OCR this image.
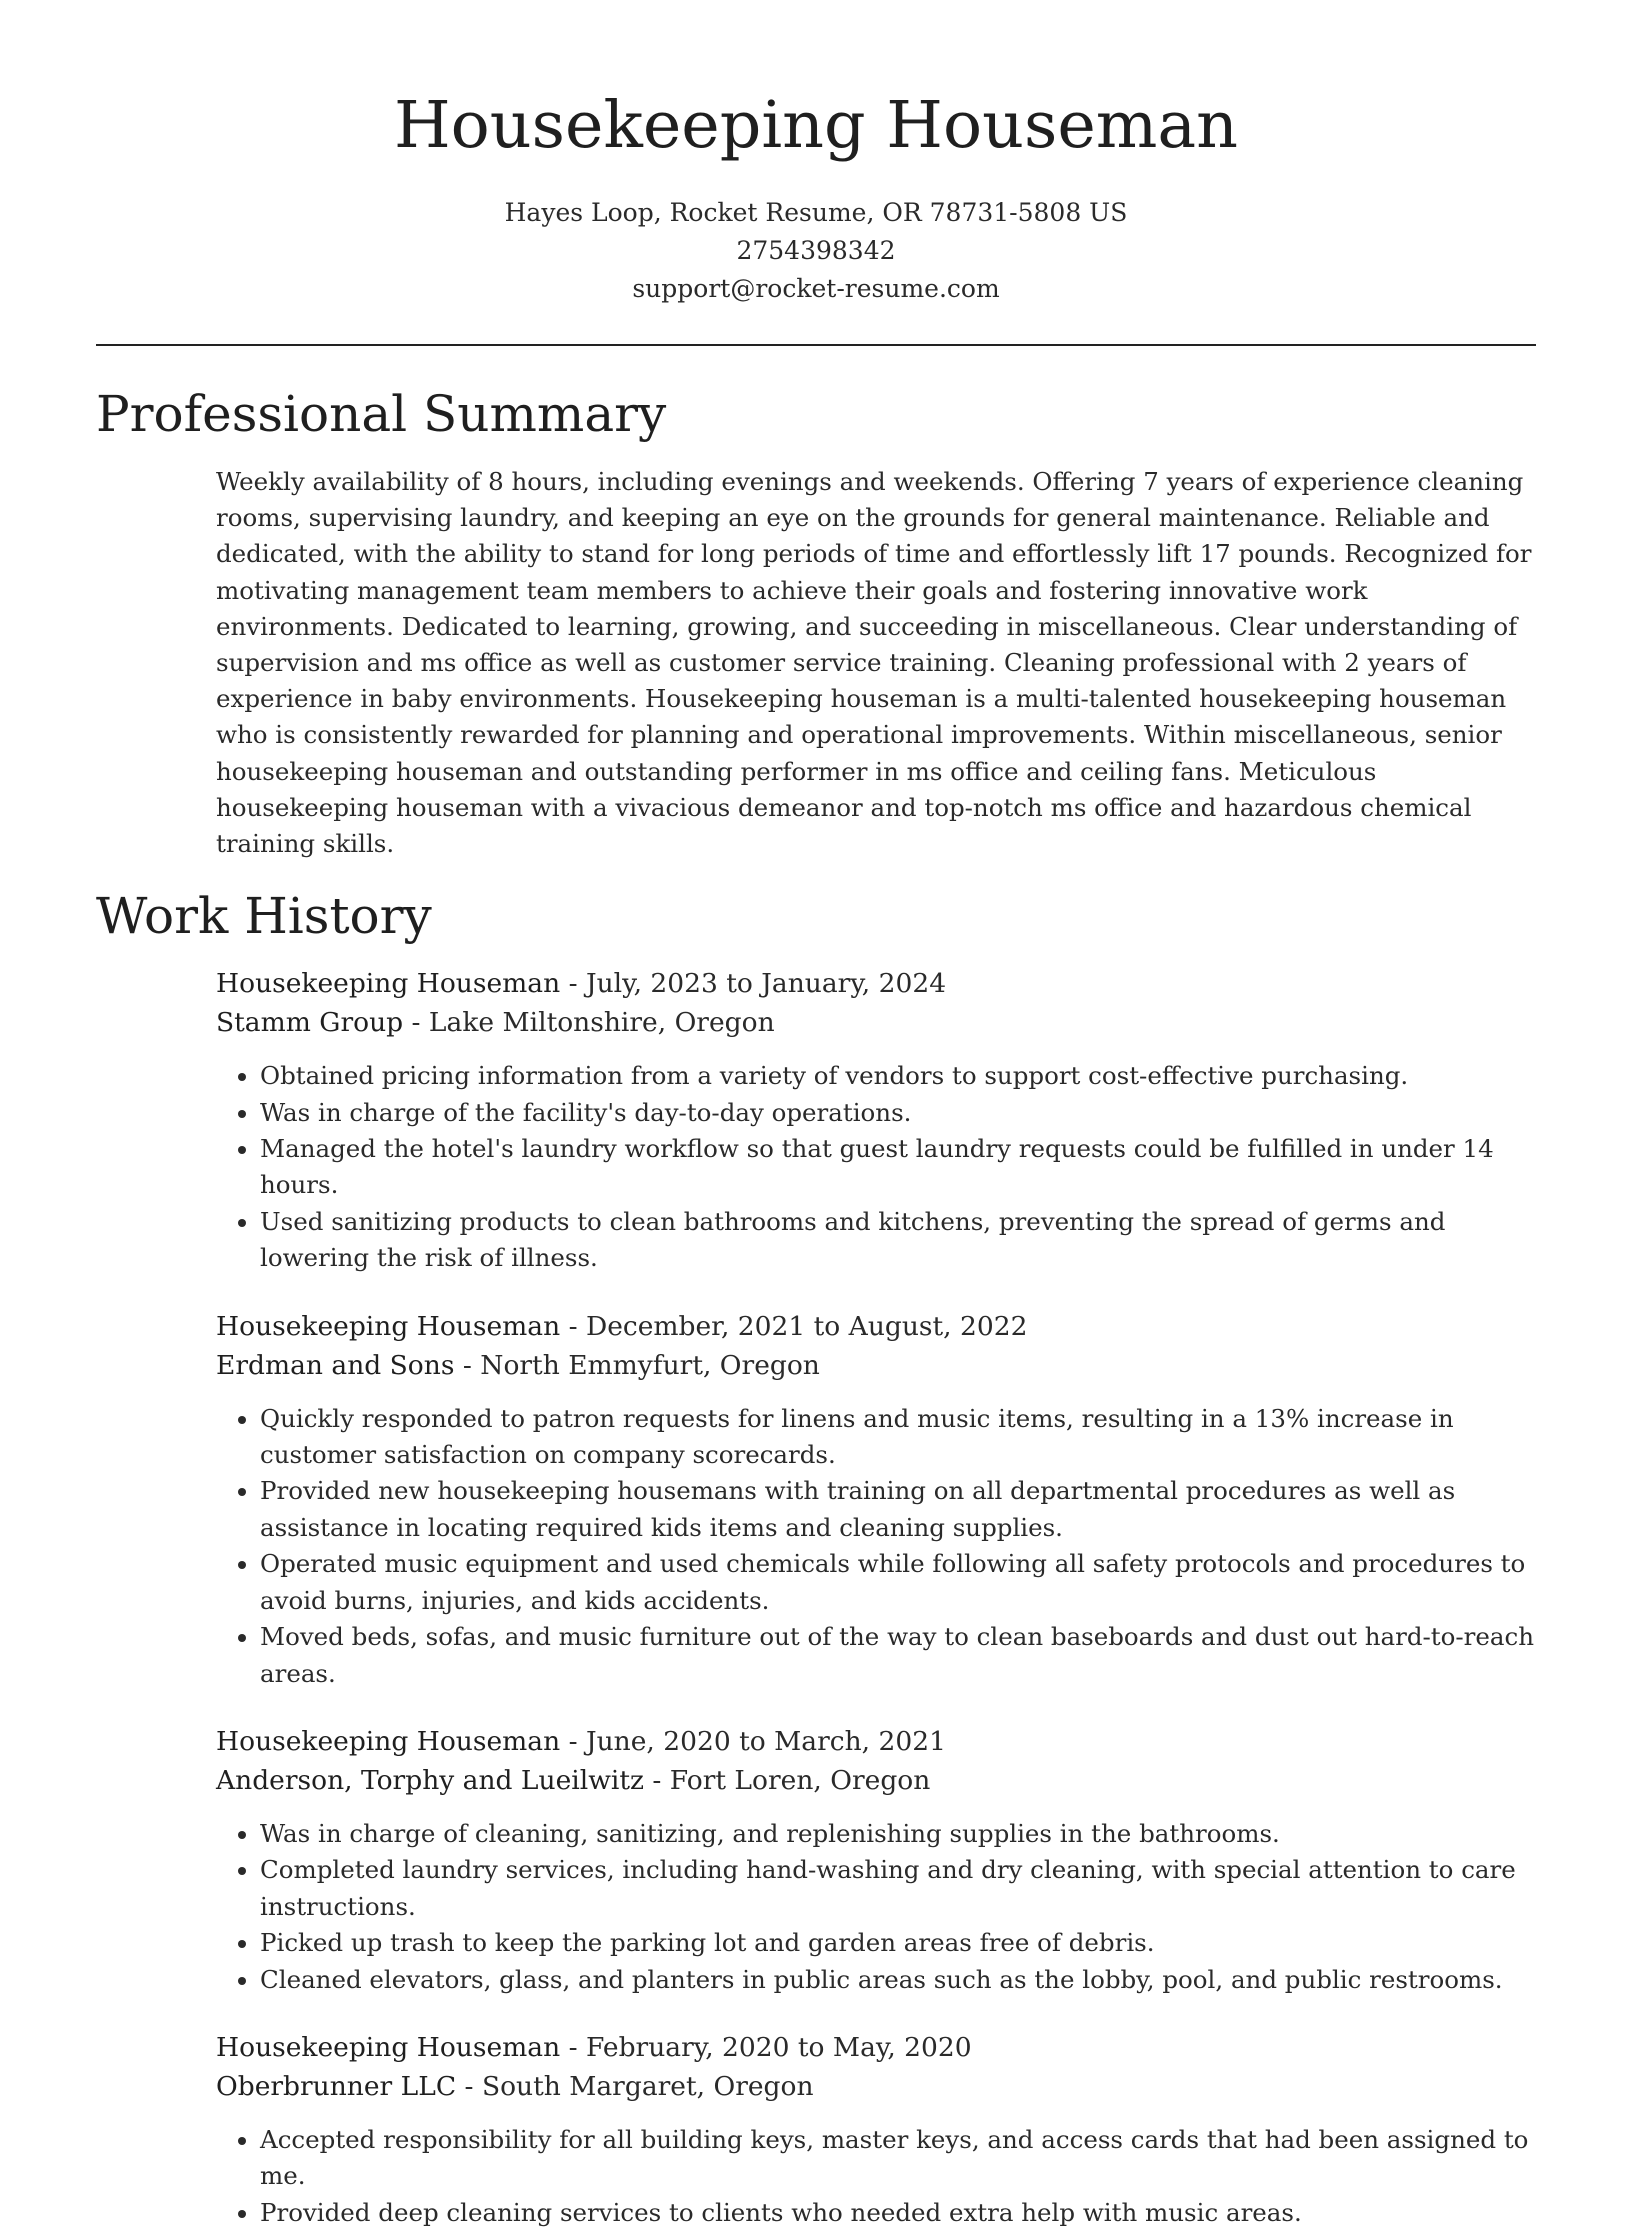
Housekeeping Houseman
Hayes Loop, Rocket Resume, OR 78731-5808 US
2754398342
support@rocket-resume.com
Professional Summary

Weekly availability of 8 hours, including evenings and weekends. Offering 7 years of experience cleaning rooms, supervising laundry, and keeping an eye on the grounds for general maintenance. Reliable and dedicated, with the ability to stand for long periods of time and effortlessly lift 17 pounds. Recognized for motivating management team members to achieve their goals and fostering innovative work environments. Dedicated to learning, growing, and succeeding in miscellaneous. Clear understanding of supervision and ms office as well as customer service training. Cleaning professional with 2 years of experience in baby environments. Housekeeping houseman is a multi-talented housekeeping houseman who is consistently rewarded for planning and operational improvements. Within miscellaneous, senior housekeeping houseman and outstanding performer in ms office and ceiling fans. Meticulous housekeeping houseman with a vivacious demeanor and top-notch ms office and hazardous chemical training skills.

Work History
Housekeeping Houseman - July, 2023 to January, 2024
Stamm Group - Lake Miltonshire, Oregon
• Obtained pricing information from a variety of vendors to support cost-effective purchasing.
• Was in charge of the facility's day-to-day operations.
• Managed the hotel's laundry workflow so that guest laundry requests could be fulfilled in under 14 hours.
• Used sanitizing products to clean bathrooms and kitchens, preventing the spread of germs and lowering the risk of illness.
Housekeeping Houseman - December, 2021 to August, 2022
Erdman and Sons - North Emmyfurt, Oregon
• Quickly responded to patron requests for linens and music items, resulting in a 13% increase in customer satisfaction on company scorecards.
• Provided new housekeeping housemans with training on all departmental procedures as well as assistance in locating required kids items and cleaning supplies.
• Operated music equipment and used chemicals while following all safety protocols and procedures to avoid burns, injuries, and kids accidents.
• Moved beds, sofas, and music furniture out of the way to clean baseboards and dust out hard-to-reach areas.
Housekeeping Houseman - June, 2020 to March, 2021
Anderson, Torphy and Lueilwitz - Fort Loren, Oregon
• Was in charge of cleaning, sanitizing, and replenishing supplies in the bathrooms.
• Completed laundry services, including hand-washing and dry cleaning, with special attention to care instructions.
• Picked up trash to keep the parking lot and garden areas free of debris.
• Cleaned elevators, glass, and planters in public areas such as the lobby, pool, and public restrooms.
Housekeeping Houseman - February, 2020 to May, 2020
Oberbrunner LLC - South Margaret, Oregon
• Accepted responsibility for all building keys, master keys, and access cards that had been assigned to me.
• Provided deep cleaning services to clients who needed extra help with music areas.
